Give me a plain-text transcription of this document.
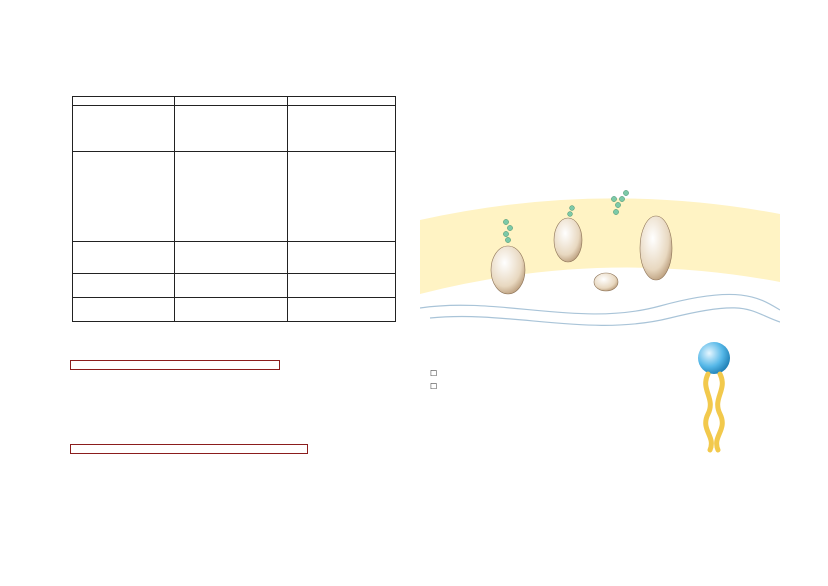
☐
☐
